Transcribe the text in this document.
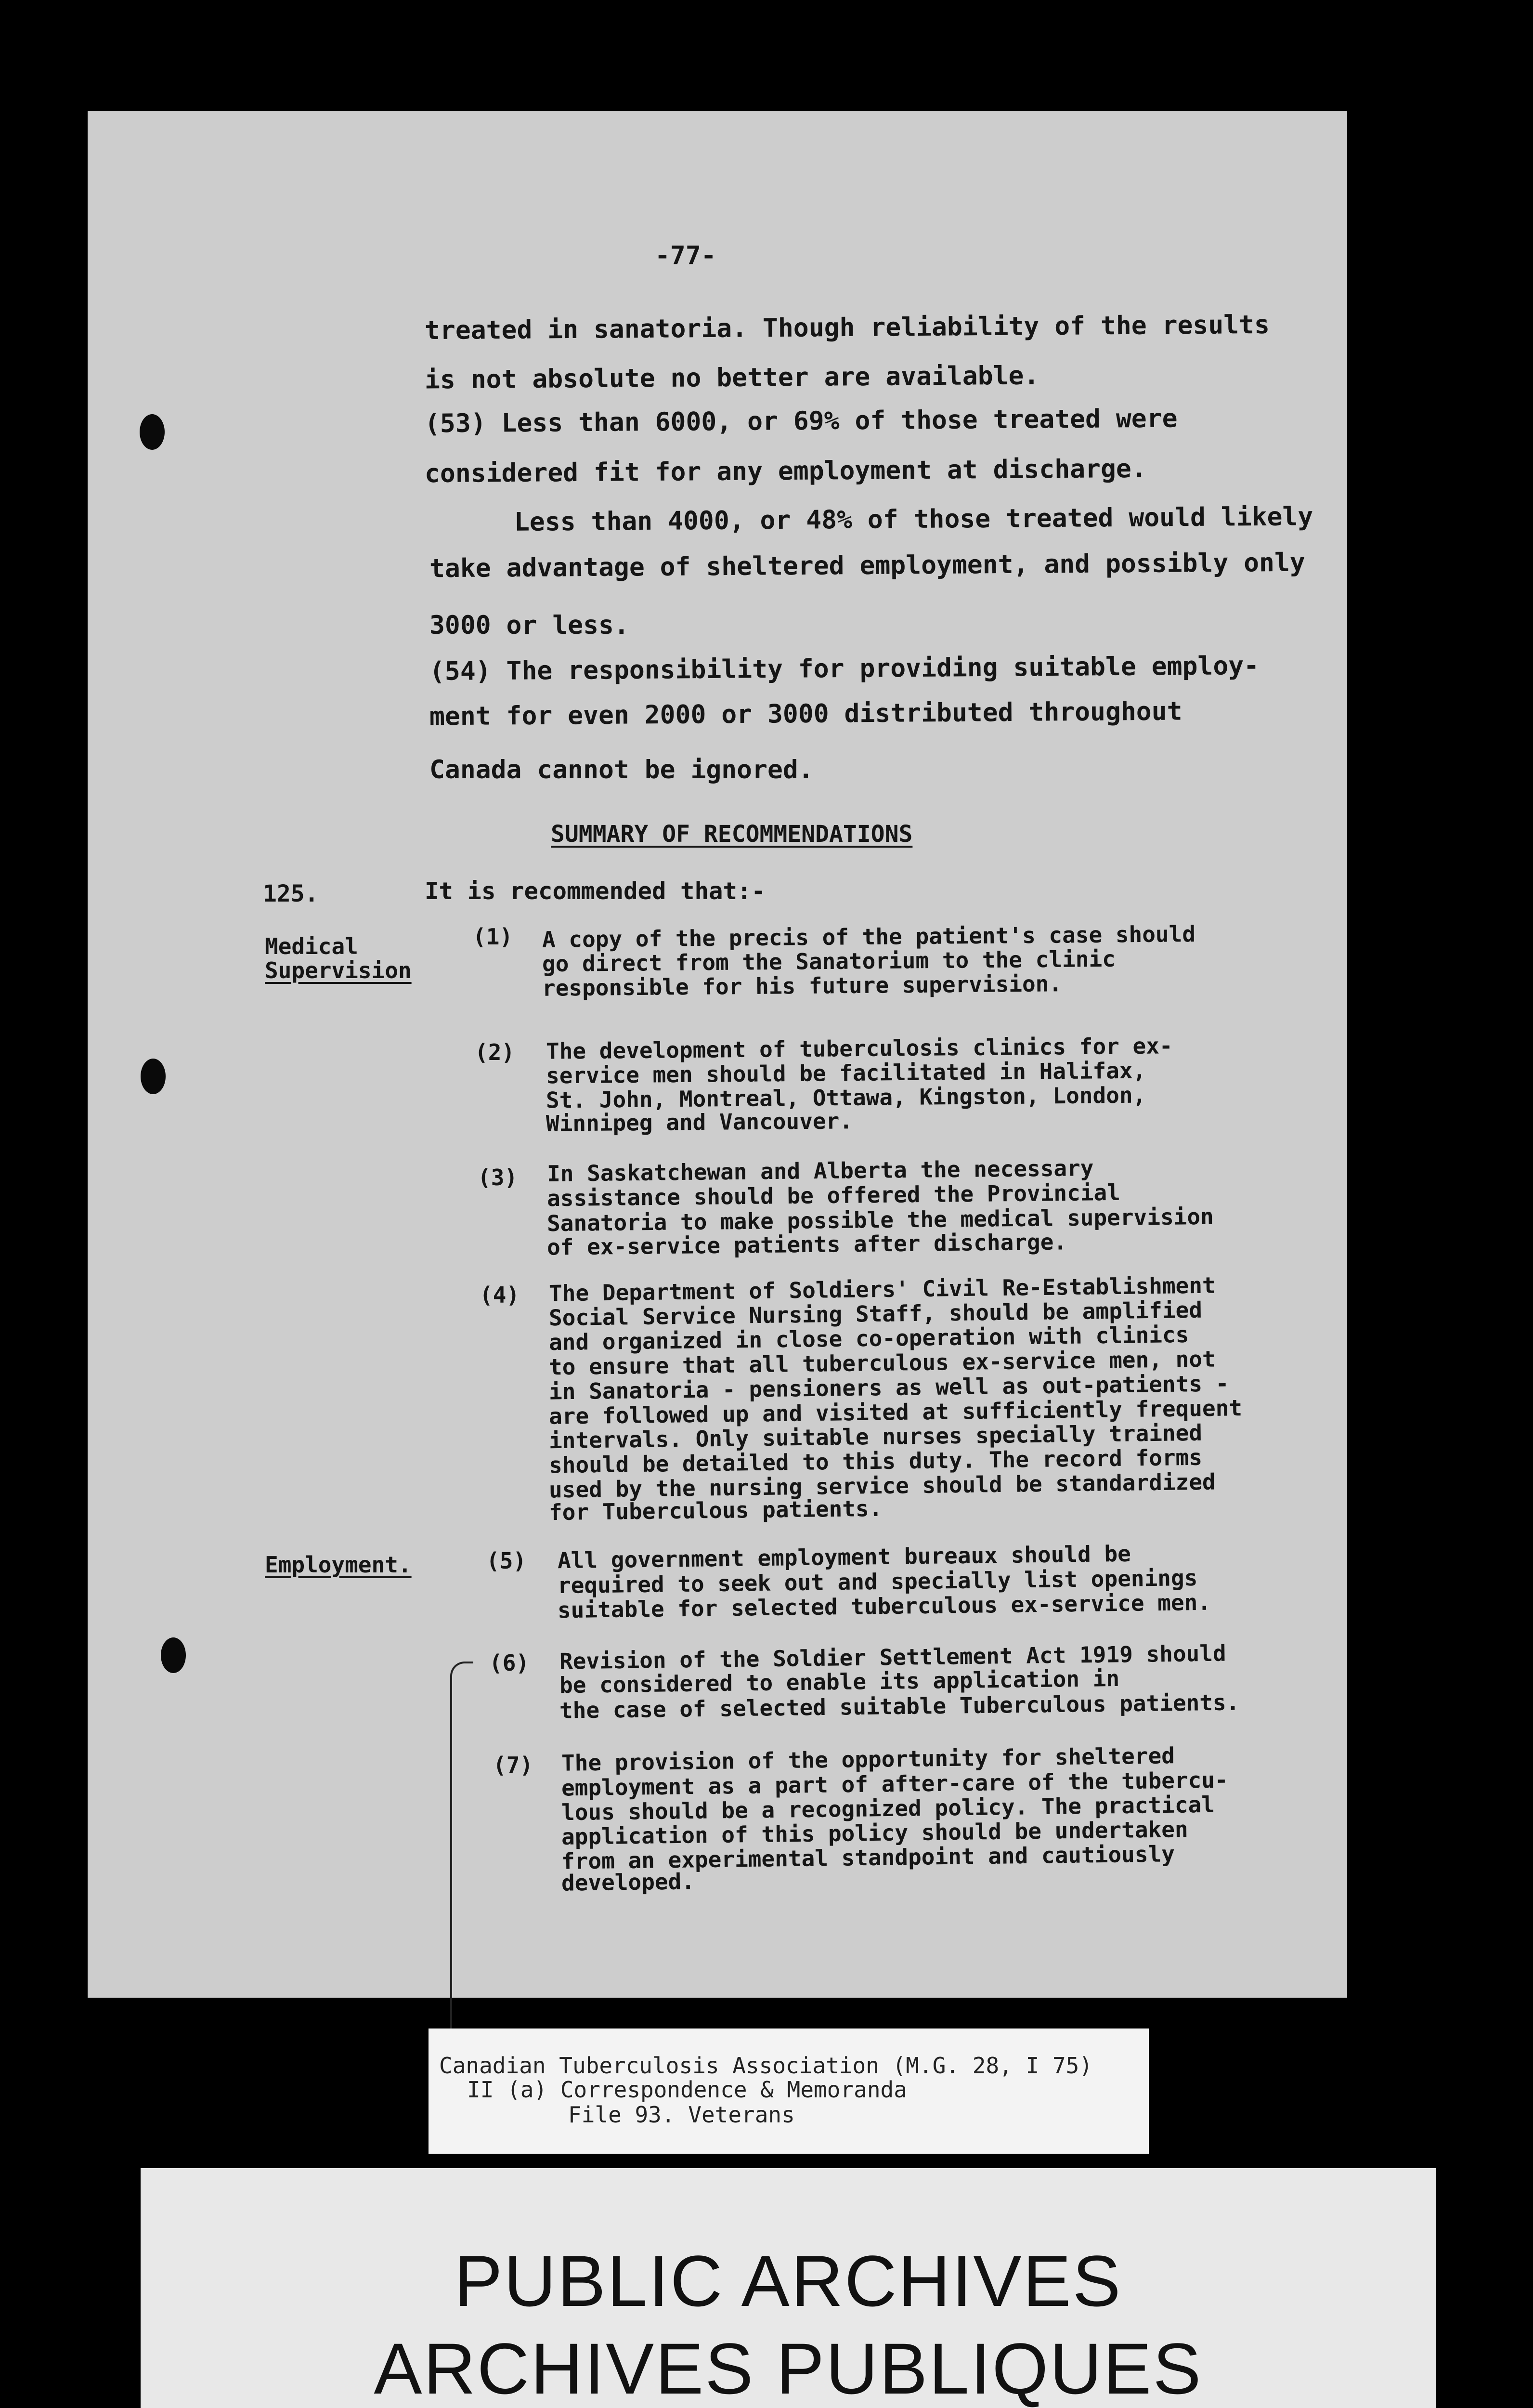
-77-
treated in sanatoria. Though reliability of the results
is not absolute no better are available.
(53) Less than 6000, or 69% of those treated were
considered fit for any employment at discharge.
Less than 4000, or 48% of those treated would likely
take advantage of sheltered employment, and possibly only
3000 or less.
(54) The responsibility for providing suitable employ-
ment for even 2000 or 3000 distributed throughout
Canada cannot be ignored.
SUMMARY OF RECOMMENDATIONS
125.	It is recommended that:-
Medical
Supervision
Employment.
(1) A copy of the precis of the patient's case should
go direct from the Sanatorium to the clinic
responsible for his future supervision.
(2) The development of tuberculosis clinics for ex-
service men should be facilitated in Halifax,
St. John, Montreal, Ottawa, Kingston, London,
Winnipeg and Vancouver.
(3) In Saskatchewan and Alberta the necessary
assistance should be offered the Provincial
Sanatoria to make possible the medical supervision
of ex-service patients after discharge.
(4) The Department of Soldiers' Civil Re-Establishment
Social Service Nursing Staff, should be amplified
and organized in close co-operation with clinics
to ensure that all tuberculous ex-service men, not
in Sanatoria - pensioners as well as out-patients -
are followed up and visited at sufficiently frequent
intervals. Only suitable nurses specially trained
should be detailed to this duty. The record forms
used by the nursing service should be standardized
for Tuberculous patients.
(5) All government employment bureaux should be
required to seek out and specially list openings
suitable for selected tuberculous ex-service men.
(6) Revision of the Soldier Settlement Act 1919 should
be considered to enable its application in
the case of selected suitable Tuberculous patients.
(7) The provision of the opportunity for sheltered
employment as a part of after-care of the tubercu-
lous should be a recognized policy. The practical
application of this policy should be undertaken
from an experimental standpoint and cautiously
developed.
Canadian Tuberculosis Association (M.G. 28, I 75)
II (a) Correspondence & Memoranda
File 93. Veterans
PUBLIC ARCHIVES
ARCHIVES PUBLIQUES
